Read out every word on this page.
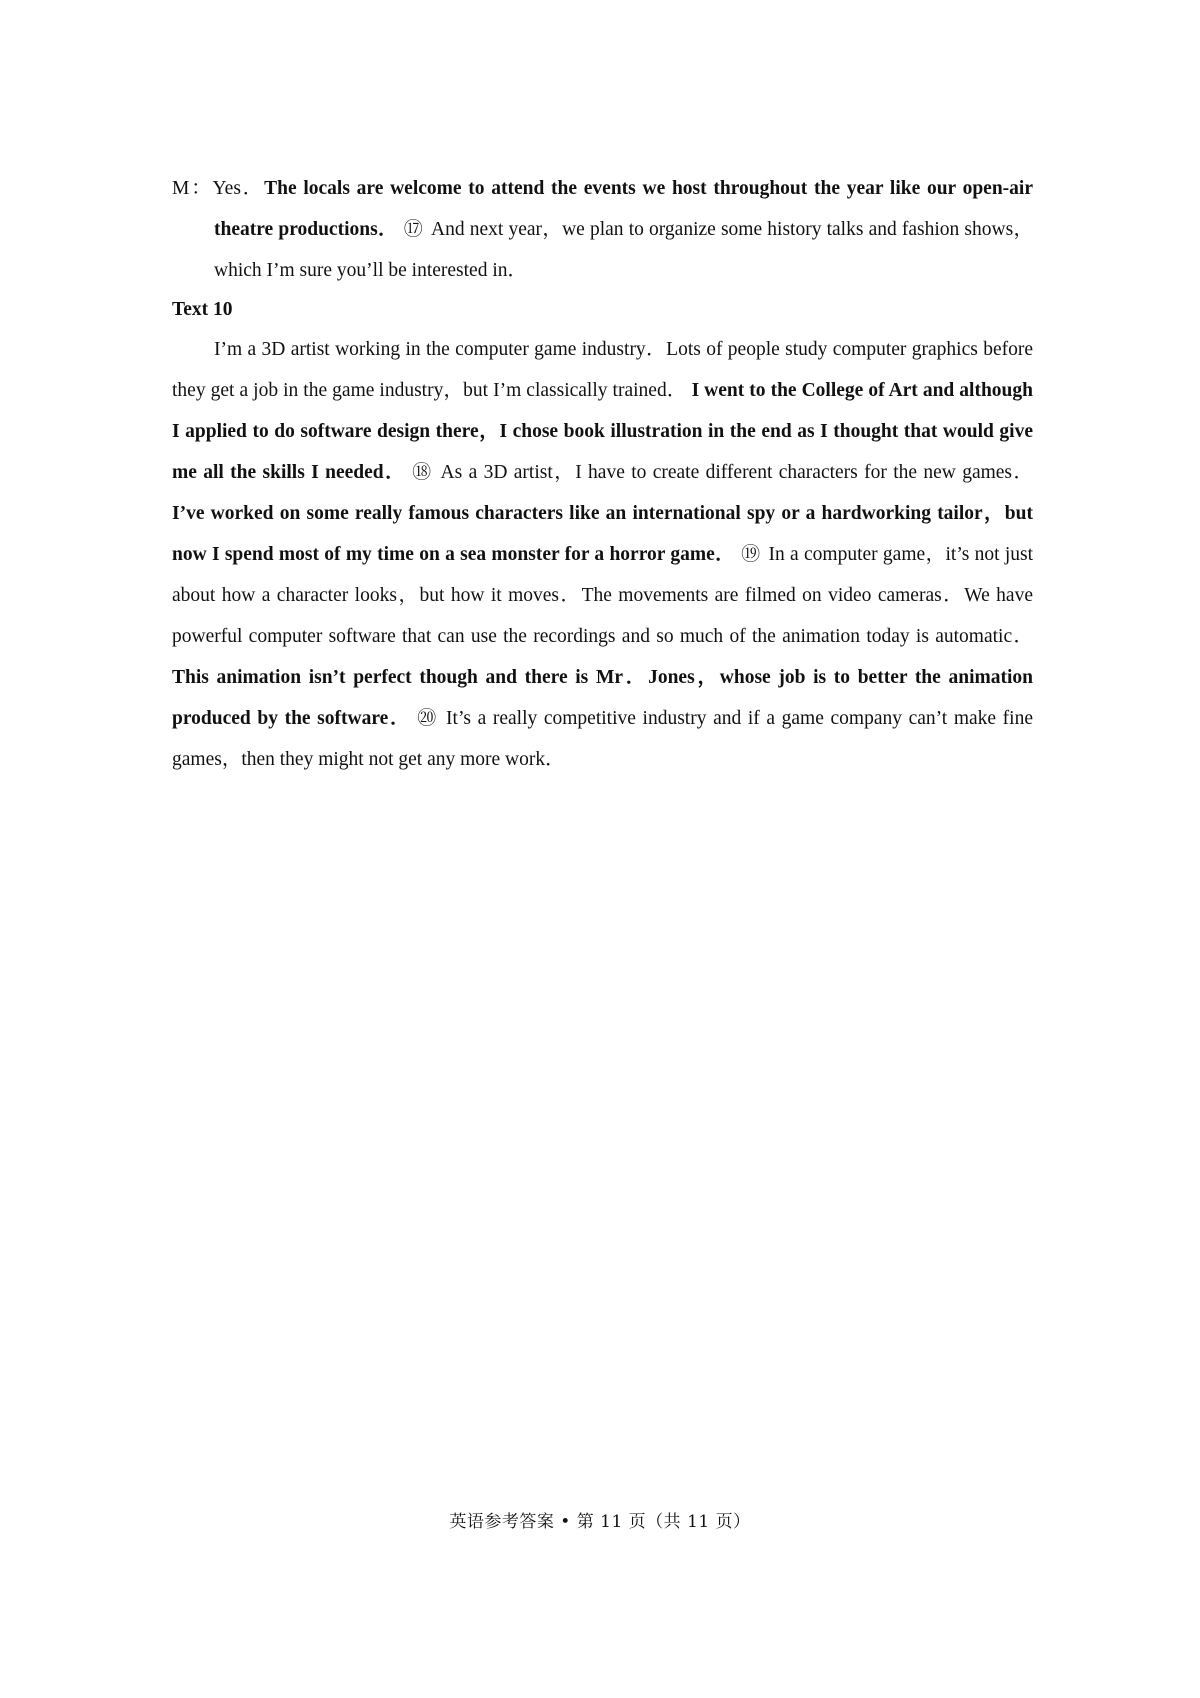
M：Yes．The locals are welcome to attend the events we host throughout the year like our open-air theatre productions． ⑰ And next year，we plan to organize some history talks and fashion shows，which I’m sure you’ll be interested in．

Text 10

I’m a 3D artist working in the computer game industry．Lots of people study computer graphics before they get a job in the game industry，but I’m classically trained． I went to the College of Art and although I applied to do software design there，I chose book illustration in the end as I thought that would give me all the skills I needed． ⑱ As a 3D artist，I have to create different characters for the new games． I’ve worked on some really famous characters like an international spy or a hardworking tailor，but now I spend most of my time on a sea monster for a horror game． ⑲ In a computer game，it’s not just about how a character looks，but how it moves．The movements are filmed on video cameras．We have powerful computer software that can use the recordings and so much of the animation today is automatic． This animation isn’t perfect though and there is Mr．Jones，whose job is to better the animation produced by the software． ⑳ It’s a really competitive industry and if a game company can’t make fine games，then they might not get any more work．

英语参考答案 • 第 11 页（共 11 页）
